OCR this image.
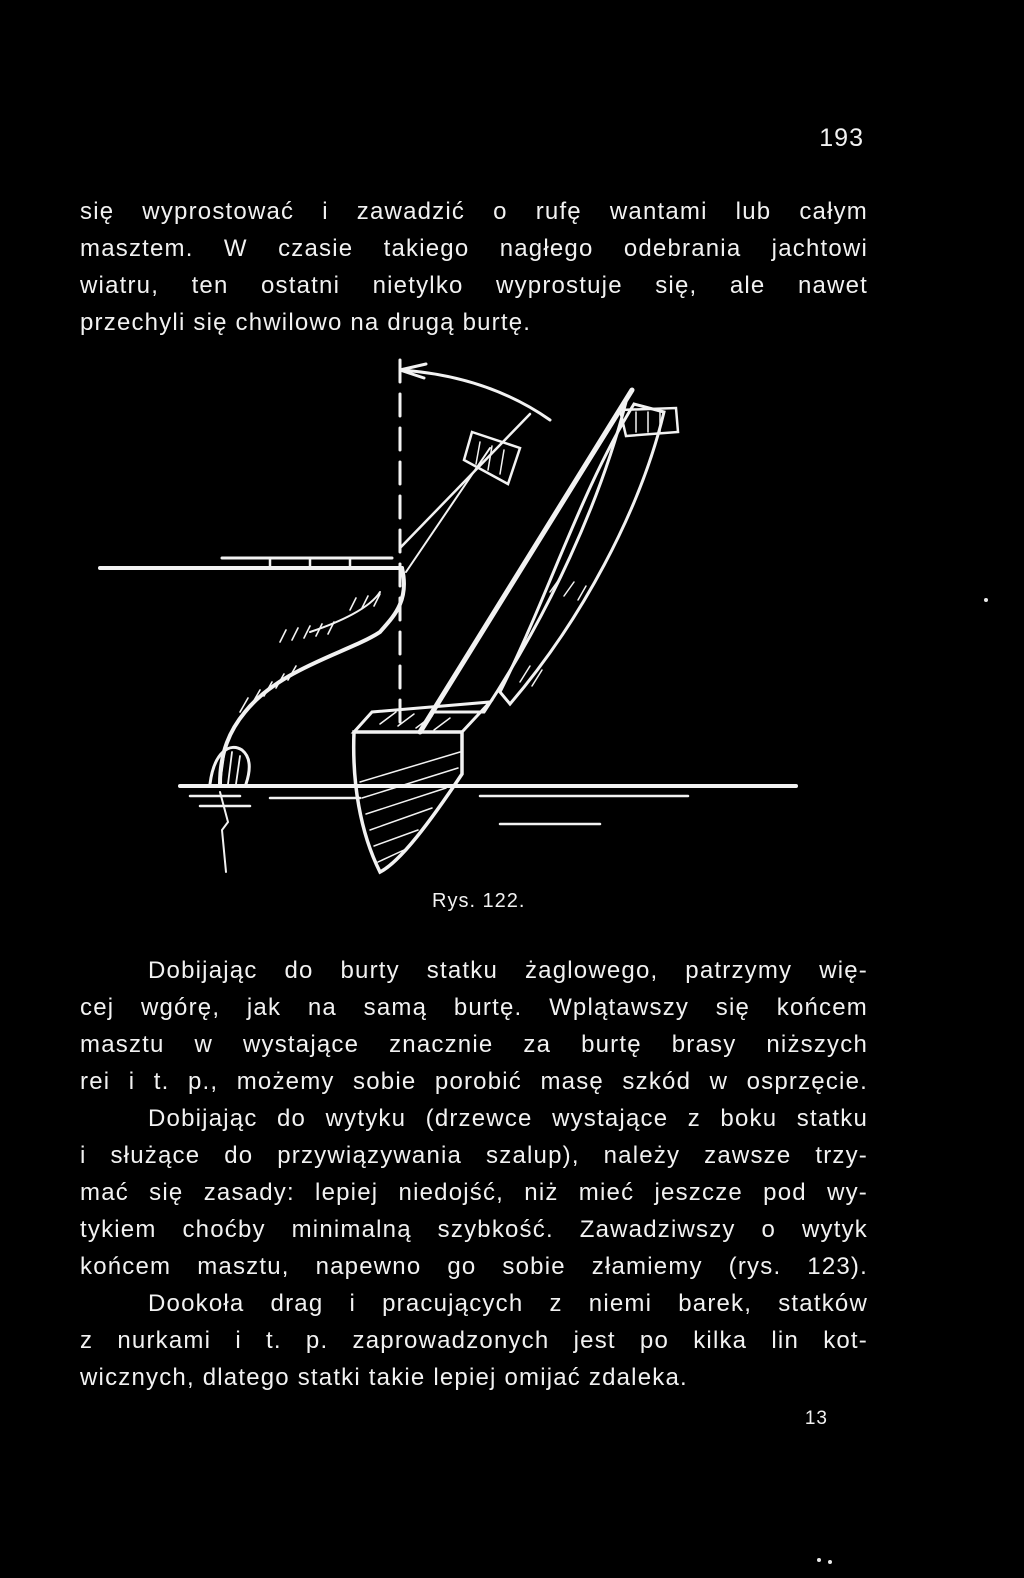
193
się wyprostować i zawadzić o rufę wantami lub całym
masztem. W czasie takiego nagłego odebrania jachtowi
wiatru, ten ostatni nietylko wyprostuje się, ale nawet
przechyli się chwilowo na drugą burtę.
Rys. 122.
Dobijając do burty statku żaglowego, patrzymy wię-
cej wgórę, jak na samą burtę. Wplątawszy się końcem
masztu w wystające znacznie za burtę brasy niższych
rei i t. p., możemy sobie porobić masę szkód w osprzęcie.
Dobijając do wytyku (drzewce wystające z boku statku
i służące do przywiązywania szalup), należy zawsze trzy-
mać się zasady: lepiej niedojść, niż mieć jeszcze pod wy-
tykiem choćby minimalną szybkość. Zawadziwszy o wytyk
końcem masztu, napewno go sobie złamiemy (rys. 123).
Dookoła drag i pracujących z niemi barek, statków
z nurkami i t. p. zaprowadzonych jest po kilka lin kot-
wicznych, dlatego statki takie lepiej omijać zdaleka.
13
